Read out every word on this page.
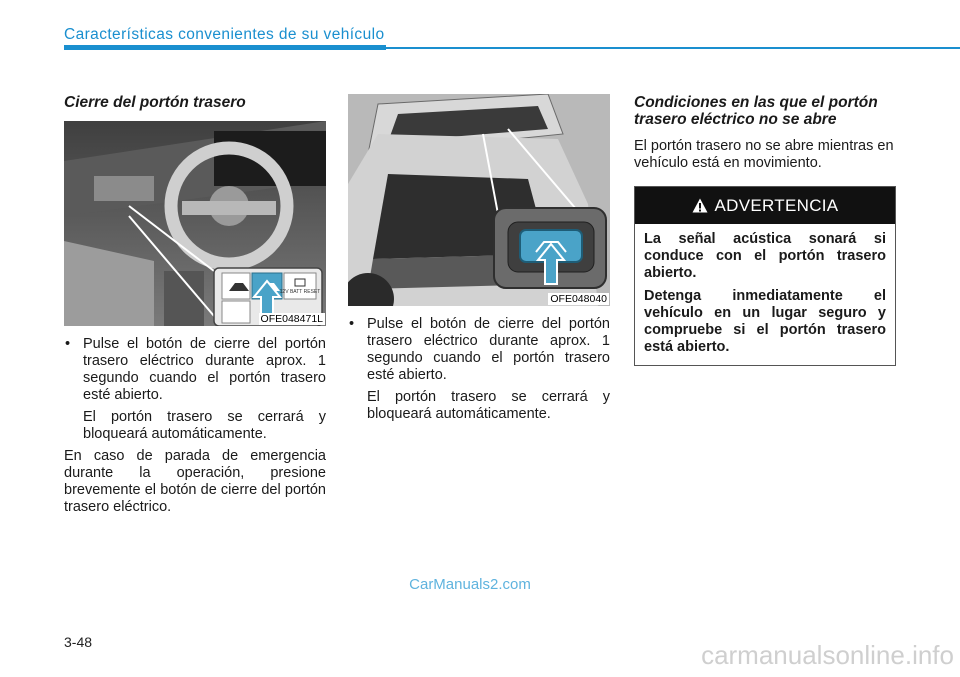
Características convenientes de su vehículo
Cierre del portón trasero
12V BATT RESET
OFE048471L
• Pulse el botón de cierre del portón trasero eléctrico durante aprox. 1 segundo cuando el portón trasero esté abierto.
El portón trasero se cerrará y bloqueará automáticamente.
En caso de parada de emergencia durante la operación, presione brevemente el botón de cierre del portón trasero eléctrico.
OFE048040
• Pulse el botón de cierre del portón trasero eléctrico durante aprox. 1 segundo cuando el portón trasero esté abierto.
El portón trasero se cerrará y bloqueará automáticamente.
Condiciones en las que el portón trasero eléctrico no se abre
El portón trasero no se abre mientras en vehículo está en movimiento.
ADVERTENCIA
La señal acústica sonará si conduce con el portón trasero abierto.
Detenga inmediatamente el vehículo en un lugar seguro y compruebe si el portón trasero está abierto.
CarManuals2.com
3-48	carmanualsonline.info
